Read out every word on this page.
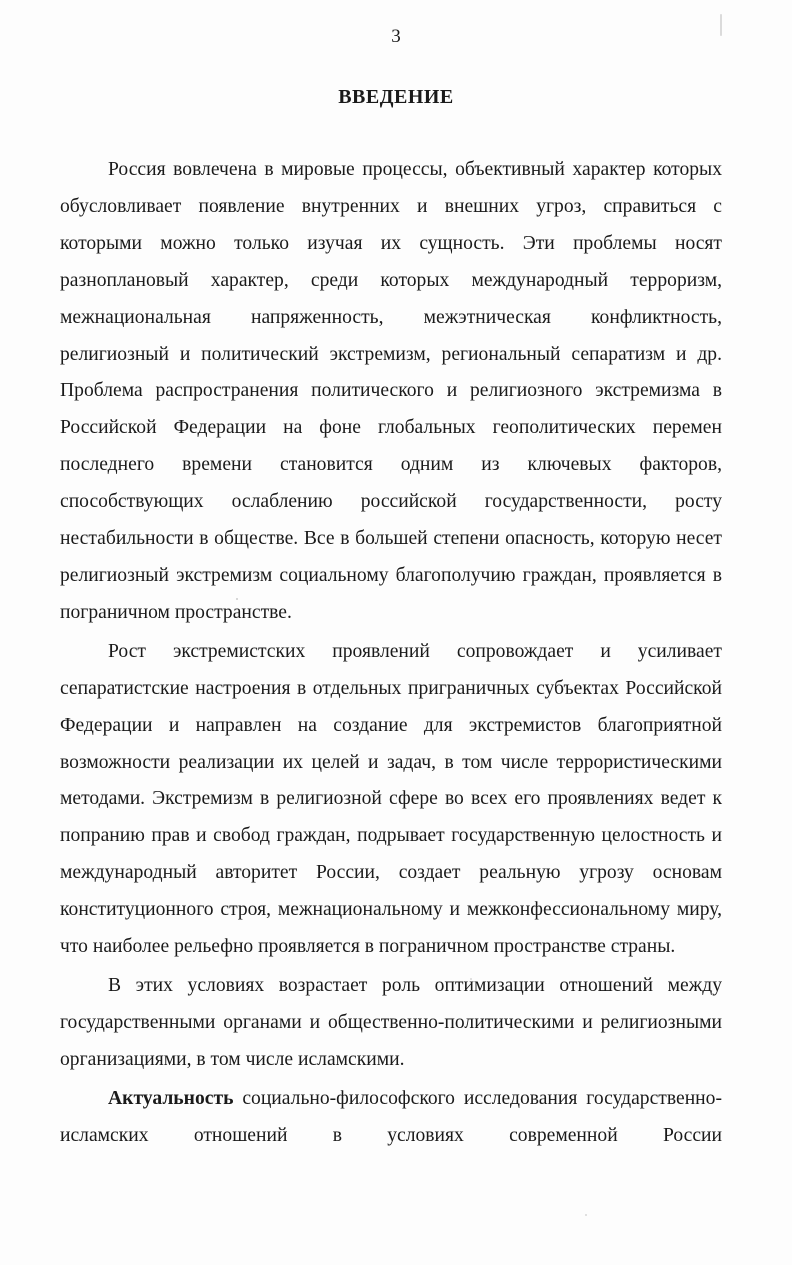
3
ВВЕДЕНИЕ

Россия вовлечена в мировые процессы, объективный характер которых обусловливает появление внутренних и внешних угроз, справиться с которыми можно только изучая их сущность. Эти проблемы носят разноплановый характер, среди которых международный терроризм, межнациональная напряженность, межэтническая конфликтность, религиозный и политический экстремизм, региональный сепаратизм и др. Проблема распространения политического и религиозного экстремизма в Российской Федерации на фоне глобальных геополитических перемен последнего времени становится одним из ключевых факторов, способствующих ослаблению российской государственности, росту нестабильности в обществе. Все в большей степени опасность, которую несет религиозный экстремизм социальному благополучию граждан, проявляется в пограничном пространстве.

Рост экстремистских проявлений сопровождает и усиливает сепаратистские настроения в отдельных приграничных субъектах Российской Федерации и направлен на создание для экстремистов благоприятной возможности реализации их целей и задач, в том числе террористическими методами. Экстремизм в религиозной сфере во всех его проявлениях ведет к попранию прав и свобод граждан, подрывает государственную целостность и международный авторитет России, создает реальную угрозу основам конституционного строя, межнациональному и межконфессиональному миру, что наиболее рельефно проявляется в пограничном пространстве страны.

В этих условиях возрастает роль оптимизации отношений между государственными органами и общественно-политическими и религиозными организациями, в том числе исламскими.

Актуальность социально-философского исследования государственно-исламских отношений в условиях современной России
